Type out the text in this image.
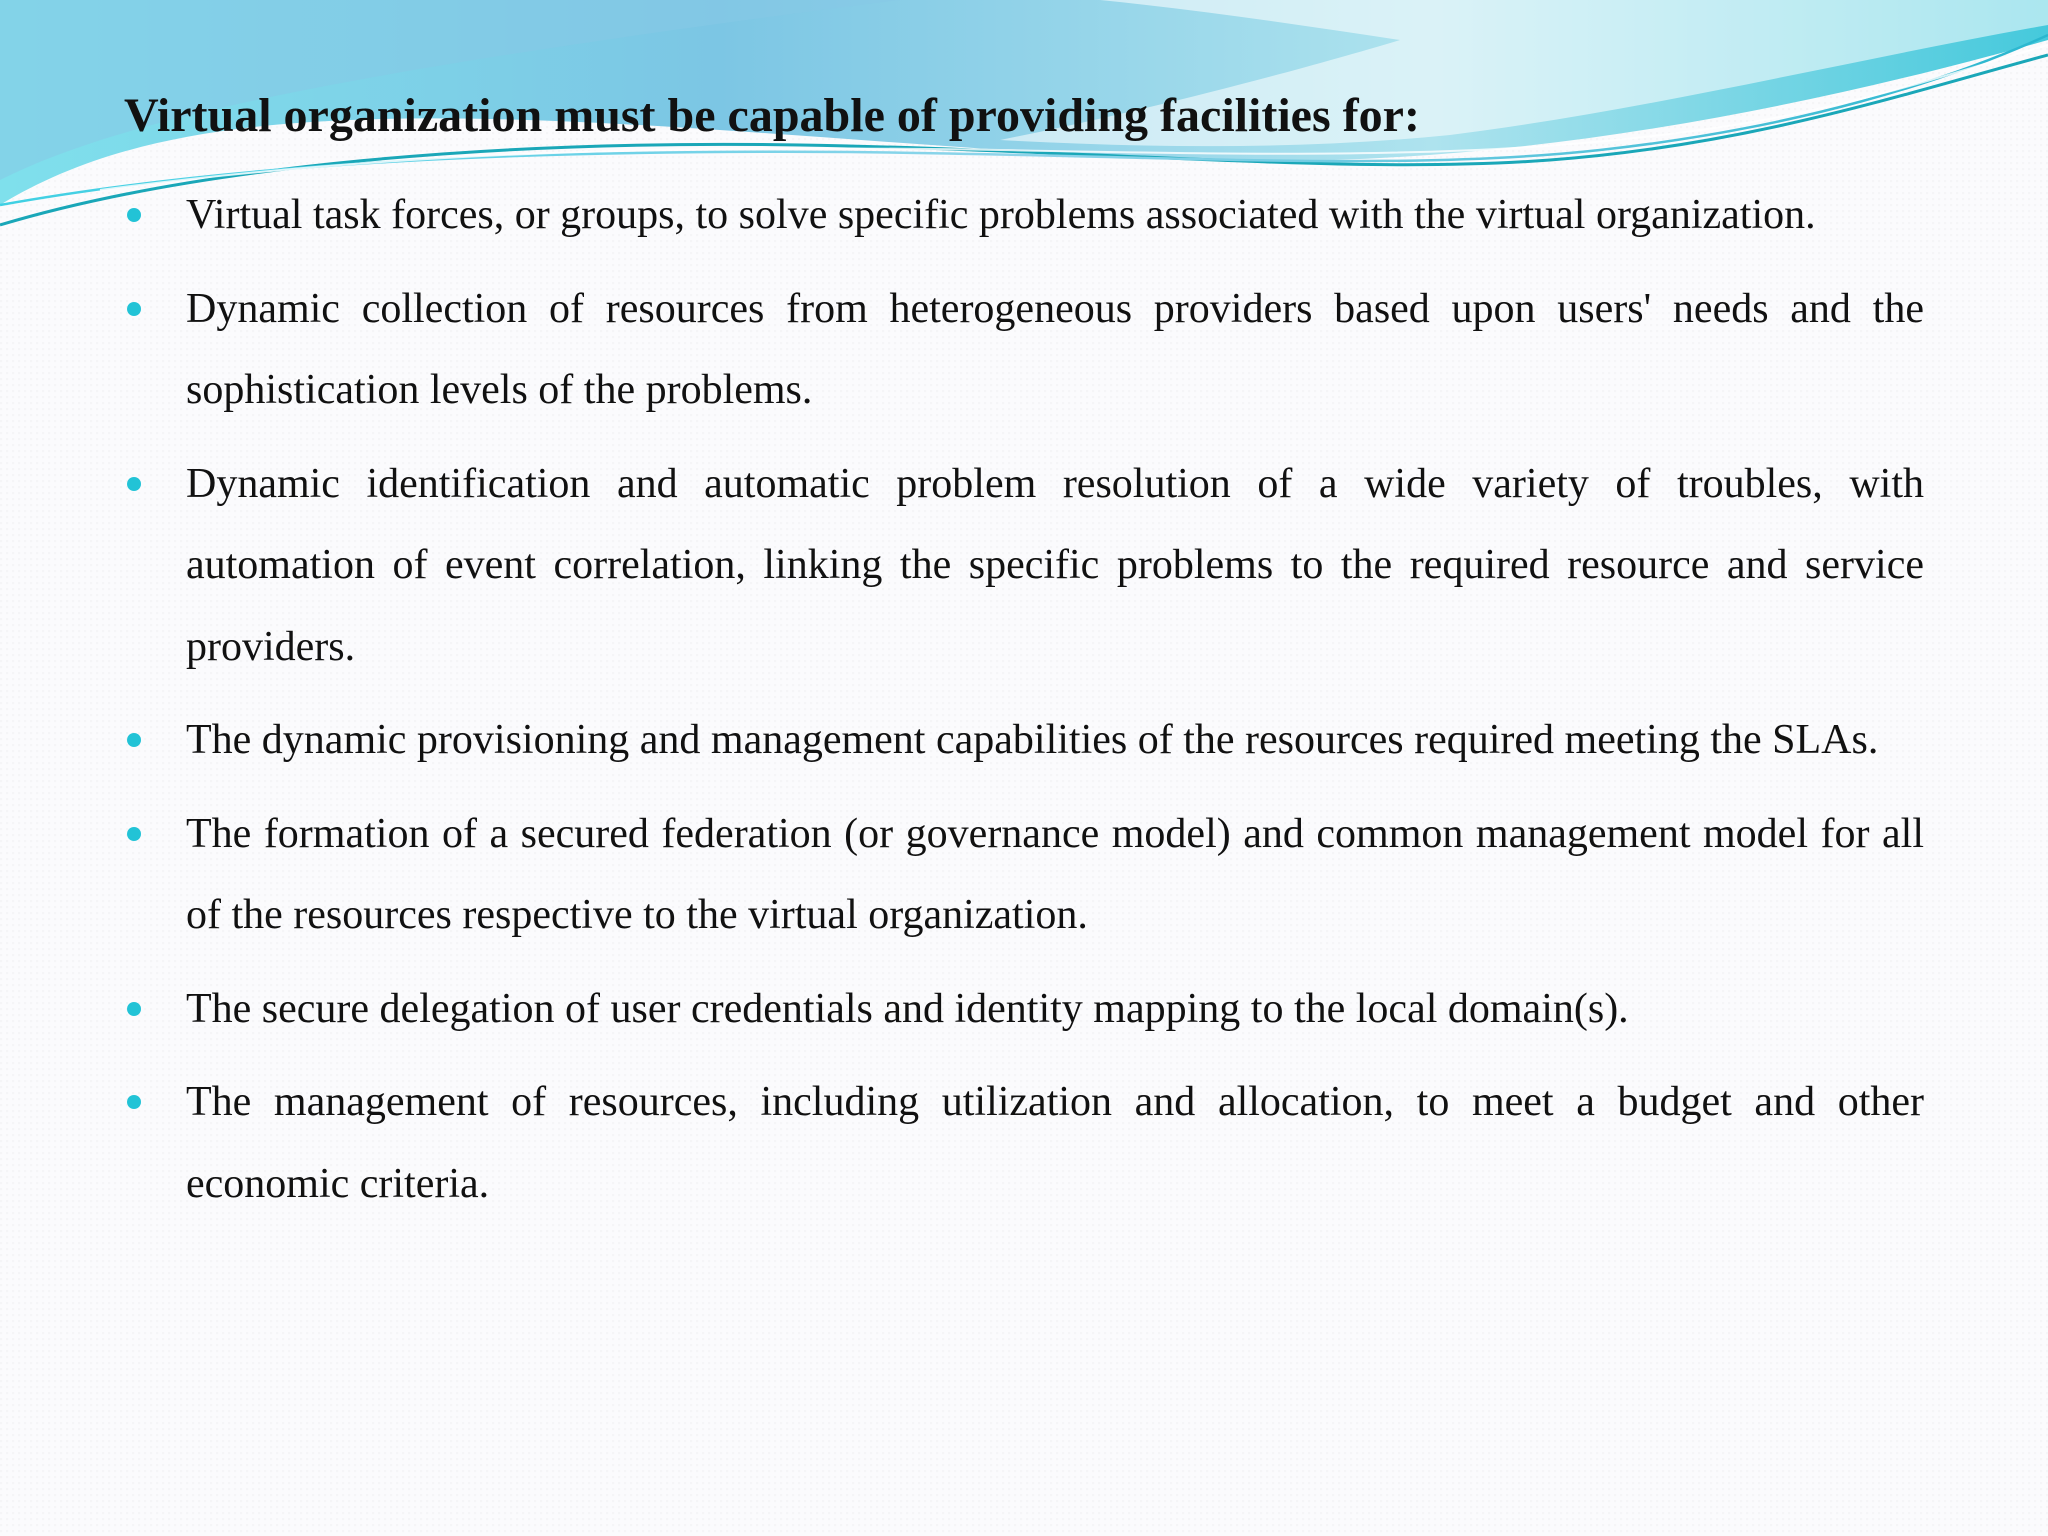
Virtual organization must be capable of providing facilities for:
Virtual task forces, or groups, to solve specific problems associated with the virtual organization.
Dynamic collection of resources from heterogeneous providers based upon users' needs and the sophistication levels of the problems.
Dynamic identification and automatic problem resolution of a wide variety of troubles, with automation of event correlation, linking the specific problems to the required resource and service providers.
The dynamic provisioning and management capabilities of the resources required meeting the SLAs.
The formation of a secured federation (or governance model) and common management model for all of the resources respective to the virtual organization.
The secure delegation of user credentials and identity mapping to the local domain(s).
The management of resources, including utilization and allocation, to meet a budget and other economic criteria.
